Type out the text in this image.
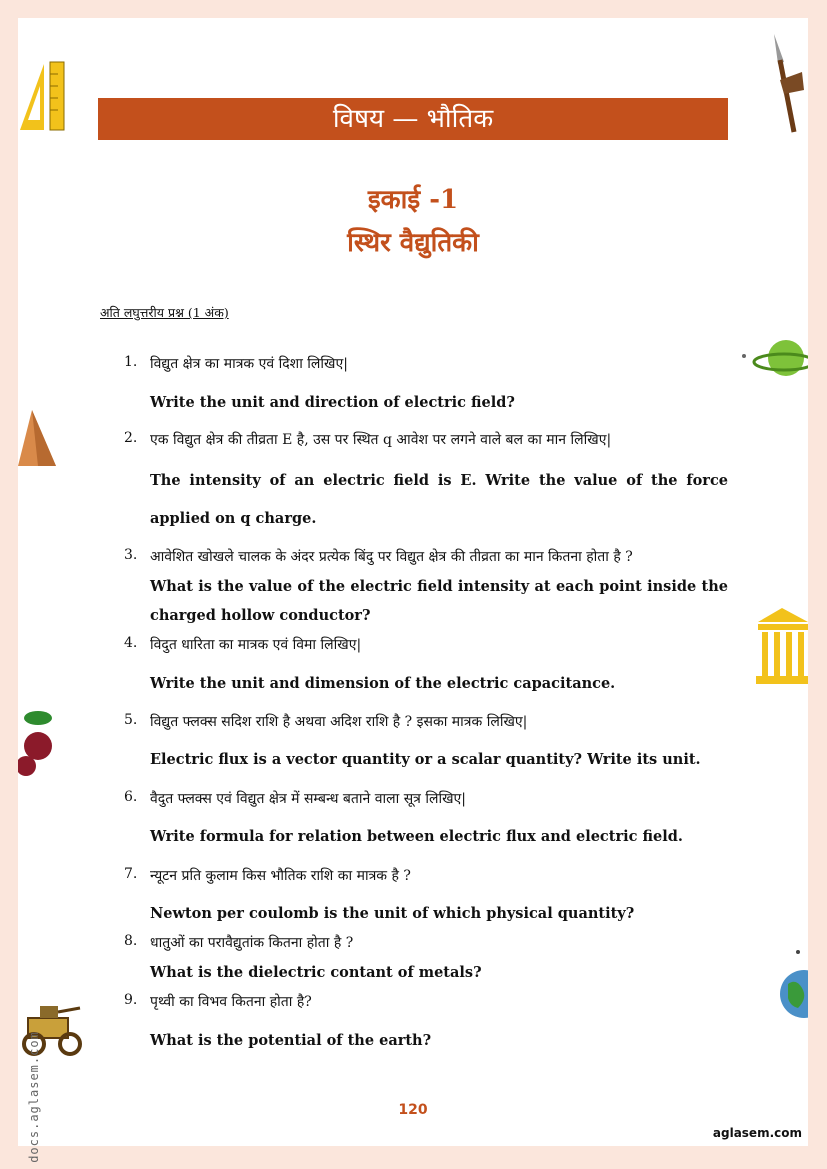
विषय — भौतिक
इकाई -1
स्थिर वैद्युतिकी
अति लघुत्तरीय प्रश्न (1 अंक)
1. विद्युत क्षेत्र का मात्रक एवं दिशा लिखिए|
Write the unit and direction of electric field?
2. एक विद्युत क्षेत्र की तीव्रता E है, उस पर स्थित q आवेश पर लगने वाले बल का मान लिखिए|
The intensity of an electric field is E. Write the value of the force applied on q charge.
3. आवेशित खोखले चालक के अंदर प्रत्येक बिंदु पर विद्युत क्षेत्र की तीव्रता का मान कितना होता है ?
What is the value of the electric field intensity at each point inside the charged hollow conductor?
4. विदुत धारिता का मात्रक एवं विमा लिखिए|
Write the unit and dimension of the electric capacitance.
5. विद्युत फ्लक्स सदिश राशि है अथवा अदिश राशि है ? इसका मात्रक लिखिए|
Electric flux is a vector quantity or a scalar quantity? Write its unit.
6. वैदुत फ्लक्स एवं विद्युत क्षेत्र में सम्बन्ध बताने वाला सूत्र लिखिए|
Write formula for relation between electric flux and electric field.
7. न्यूटन प्रति कुलाम किस भौतिक राशि का मात्रक है ?
Newton per coulomb is the unit of which physical quantity?
8. धातुओं का परावैद्युतांक कितना होता है ?
What is the dielectric contant of metals?
9. पृथ्वी का विभव कितना होता है?
What is the potential of the earth?
120
aglasem.com
docs.aglasem.com
